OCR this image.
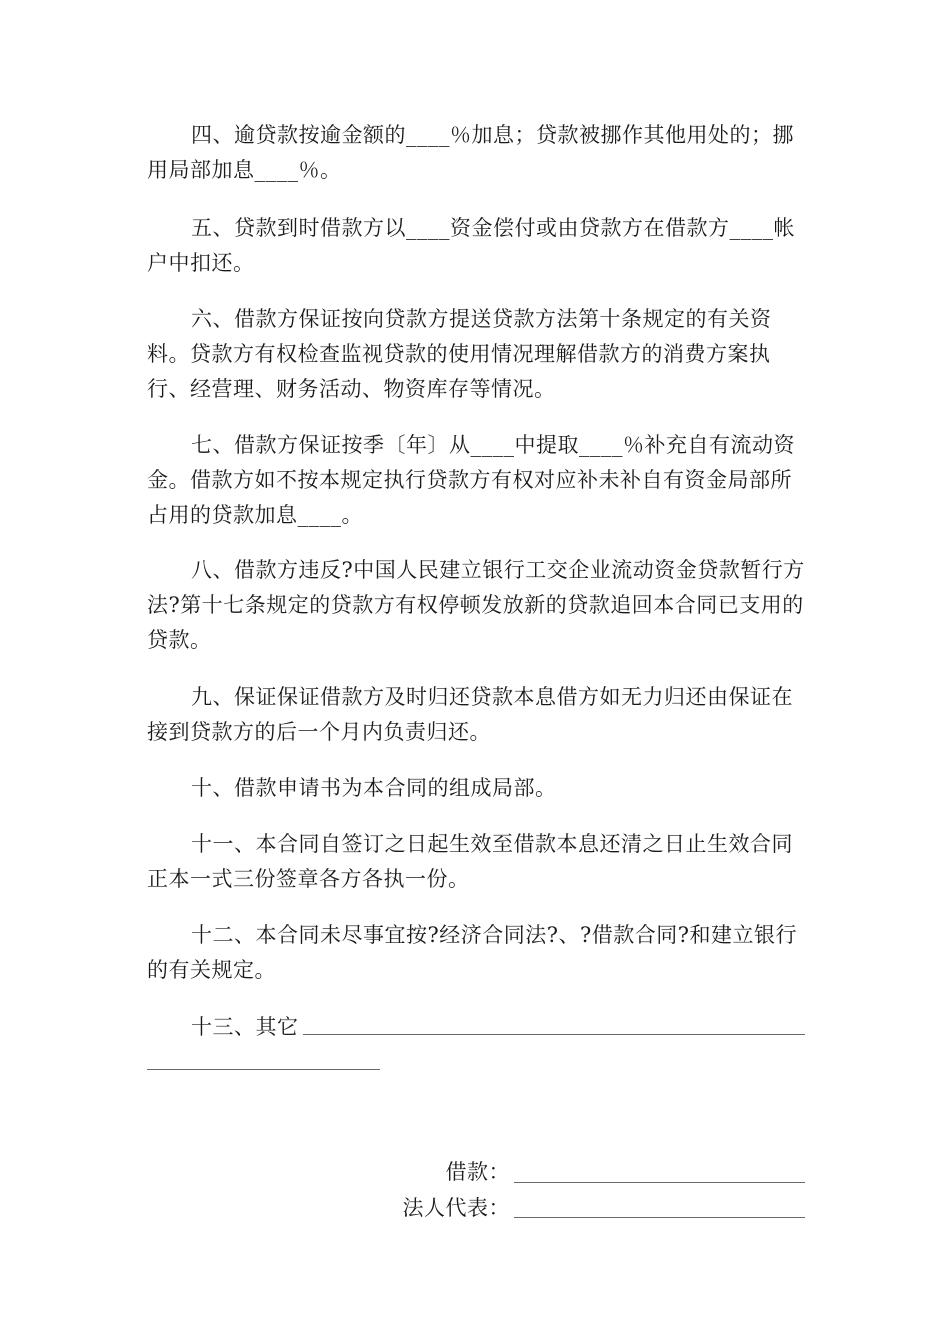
四、逾贷款按逾金额的____％加息；贷款被挪作其他用处的；挪用局部加息____％。

五、贷款到时借款方以____资金偿付或由贷款方在借款方____帐户中扣还。

六、借款方保证按向贷款方提送贷款方法第十条规定的有关资料。贷款方有权检查监视贷款的使用情况理解借款方的消费方案执行、经营理、财务活动、物资库存等情况。

七、借款方保证按季〔年〕从____中提取____％补充自有流动资金。借款方如不按本规定执行贷款方有权对应补未补自有资金局部所占用的贷款加息____。

八、借款方违反?中国人民建立银行工交企业流动资金贷款暂行方法?第十七条规定的贷款方有权停顿发放新的贷款追回本合同已支用的贷款。

九、保证保证借款方及时归还贷款本息借方如无力归还由保证在接到贷款方的后一个月内负责归还。

十、借款申请书为本合同的组成局部。

十一、本合同自签订之日起生效至借款本息还清之日止生效合同正本一式三份签章各方各执一份。

十二、本合同未尽事宜按?经济合同法?、?借款合同?和建立银行的有关规定。

十三、其它

借款：
法人代表：
